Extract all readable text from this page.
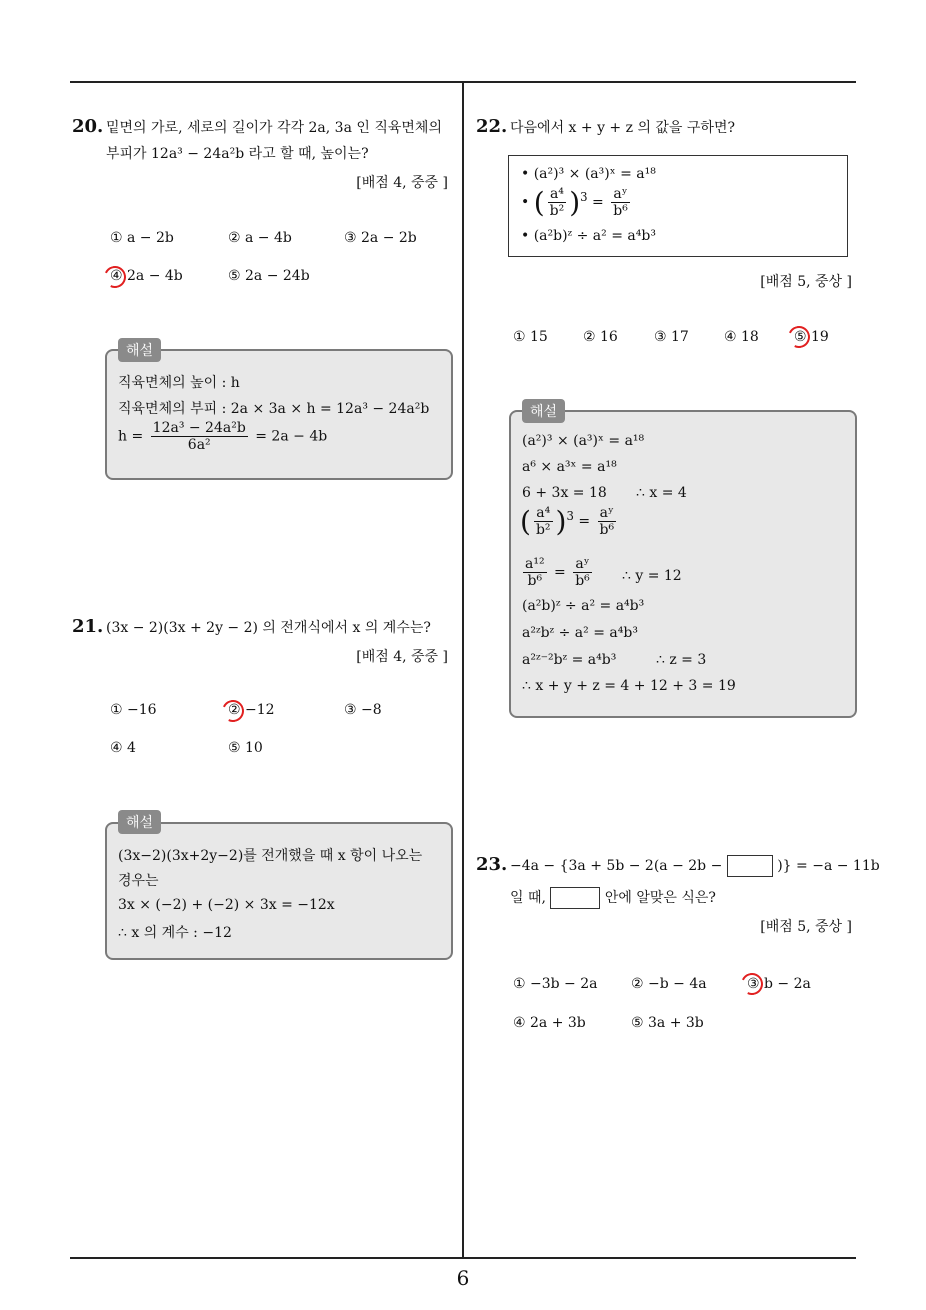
6
20. 밑면의 가로, 세로의 길이가 각각 2a, 3a 인 직육면체의
부피가 12a³ − 24a²b 라고 할 때, 높이는?
[배점 4, 중중 ]
① a − 2b	② a − 4b	③ 2a − 2b
④ 2a − 4b	⑤ 2a − 24b
해설
직육면체의 높이 : h
직육면체의 부피 : 2a × 3a × h = 12a³ − 24a²b
$h = \frac{\text{12a³ − 24a²b}}{\text{6a²}} = 2a - 4b$
21. (3x − 2)(3x + 2y − 2) 의 전개식에서 x 의 계수는?
[배점 4, 중중 ]
① −16	② −12	③ −8
④ 4	⑤ 10
해설
(3x−2)(3x+2y−2)를 전개했을 때 x 항이 나오는
경우는
3x × (−2) + (−2) × 3x = −12x
∴ x 의 계수 : −12
22. 다음에서 x + y + z 의 값을 구하면?
• (a²)³ × (a³)ˣ = a¹⁸
• ( $\frac{\text{a⁴}}{\text{b²}} )^3 = \frac{\text{aʸ}}{\text{b⁶}}$
• (a²b)ᶻ ÷ a² = a⁴b³
[배점 5, 중상 ]
① 15	② 16	③ 17	④ 18	⑤ 19
해설
(a²)³ × (a³)ˣ = a¹⁸
a⁶ × a³ˣ = a¹⁸
6 + 3x = 18 ∴ x = 4
( $\frac{\text{a⁴}}{\text{b²}} )^3 = \frac{\text{aʸ}}{\text{b⁶}}$
$\frac{\text{a¹²}}{\text{b⁶}} = \frac{\text{aʸ}}{\text{b⁶}}$ ∴ y = 12
(a²b)ᶻ ÷ a² = a⁴b³
a²ᶻbᶻ ÷ a² = a⁴b³
a²ᶻ⁻²bᶻ = a⁴b³	∴ z = 3
∴ x + y + z = 4 + 12 + 3 = 19
23. −4a − {3a + 5b − 2(a − 2b −	)} = −a − 11b
일 때,	안에 알맞은 식은?
[배점 5, 중상 ]
① −3b − 2a ② −b − 4a	③ b − 2a
④ 2a + 3b	⑤ 3a + 3b
